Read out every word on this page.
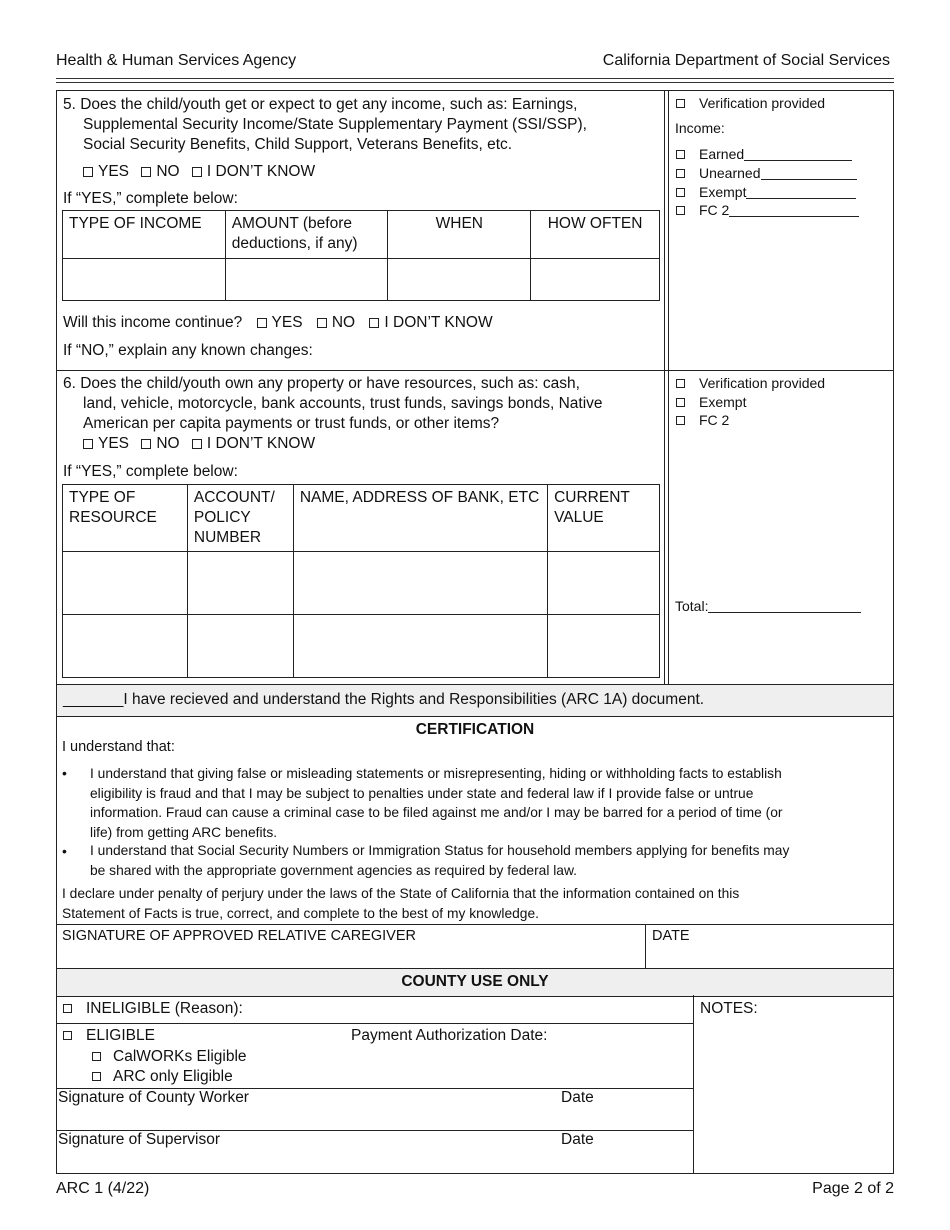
Health & Human Services Agency	California Department of Social Services
5. Does the child/youth get or expect to get any income, such as: Earnings,
Supplemental Security Income/State Supplementary Payment (SSI/SSP),
Social Security Benefits, Child Support, Veterans Benefits, etc.
YES NO I DON’T KNOW
If “YES,” complete below:
TYPE OF INCOME	AMOUNT (before deductions, if any)	WHEN	HOW OFTEN

Will this income continue? YES NO I DON’T KNOW
If “NO,” explain any known changes:
Verification provided
Income:
Earned
Unearned
Exempt
FC 2
6. Does the child/youth own any property or have resources, such as: cash,
land, vehicle, motorcycle, bank accounts, trust funds, savings bonds, Native
American per capita payments or trust funds, or other items?
YES NO I DON’T KNOW
If “YES,” complete below:
TYPE OF RESOURCE	ACCOUNT/ POLICY NUMBER	NAME, ADDRESS OF BANK, ETC	CURRENT VALUE

Verification provided
Exempt
FC 2
Total:
_______I have recieved and understand the Rights and Responsibilities (ARC 1A) document.
CERTIFICATION
I understand that:
• I understand that giving false or misleading statements or misrepresenting, hiding or withholding facts to establish
eligibility is fraud and that I may be subject to penalties under state and federal law if I provide false or untrue
information. Fraud can cause a criminal case to be filed against me and/or I may be barred for a period of time (or
life) from getting ARC benefits.
• I understand that Social Security Numbers or Immigration Status for household members applying for benefits may
be shared with the appropriate government agencies as required by federal law.
I declare under penalty of perjury under the laws of the State of California that the information contained on this
Statement of Facts is true, correct, and complete to the best of my knowledge.
SIGNATURE OF APPROVED RELATIVE CAREGIVER	DATE
COUNTY USE ONLY
NOTES:
INELIGIBLE (Reason):
ELIGIBLE	Payment Authorization Date:
CalWORKs Eligible
ARC only Eligible
Signature of County Worker	Date
Signature of Supervisor	Date
ARC 1 (4/22)	Page 2 of 2
